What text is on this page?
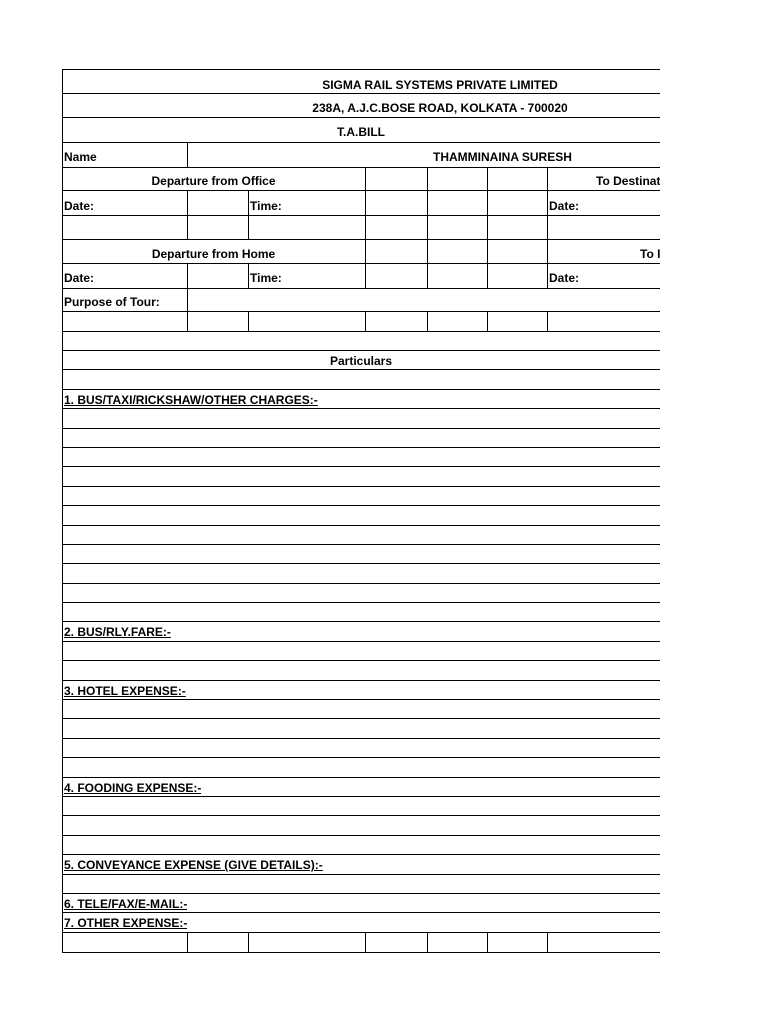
SIGMA RAIL SYSTEMS PRIVATE LIMITED
238A, A.J.C.BOSE ROAD, KOLKATA - 700020
T.A.BILL
Name	THAMMINAINA SURESH
Departure from Office	To Destinat
Date:	Time:	Date:
Departure from Home	To I
Date:	Time:	Date:
Purpose of Tour:
Particulars
1. BUS/TAXI/RICKSHAW/OTHER CHARGES:-
2. BUS/RLY.FARE:-
3. HOTEL EXPENSE:-
4. FOODING EXPENSE:-
5. CONVEYANCE EXPENSE (GIVE DETAILS):-
6. TELE/FAX/E-MAIL:-
7. OTHER EXPENSE:-
